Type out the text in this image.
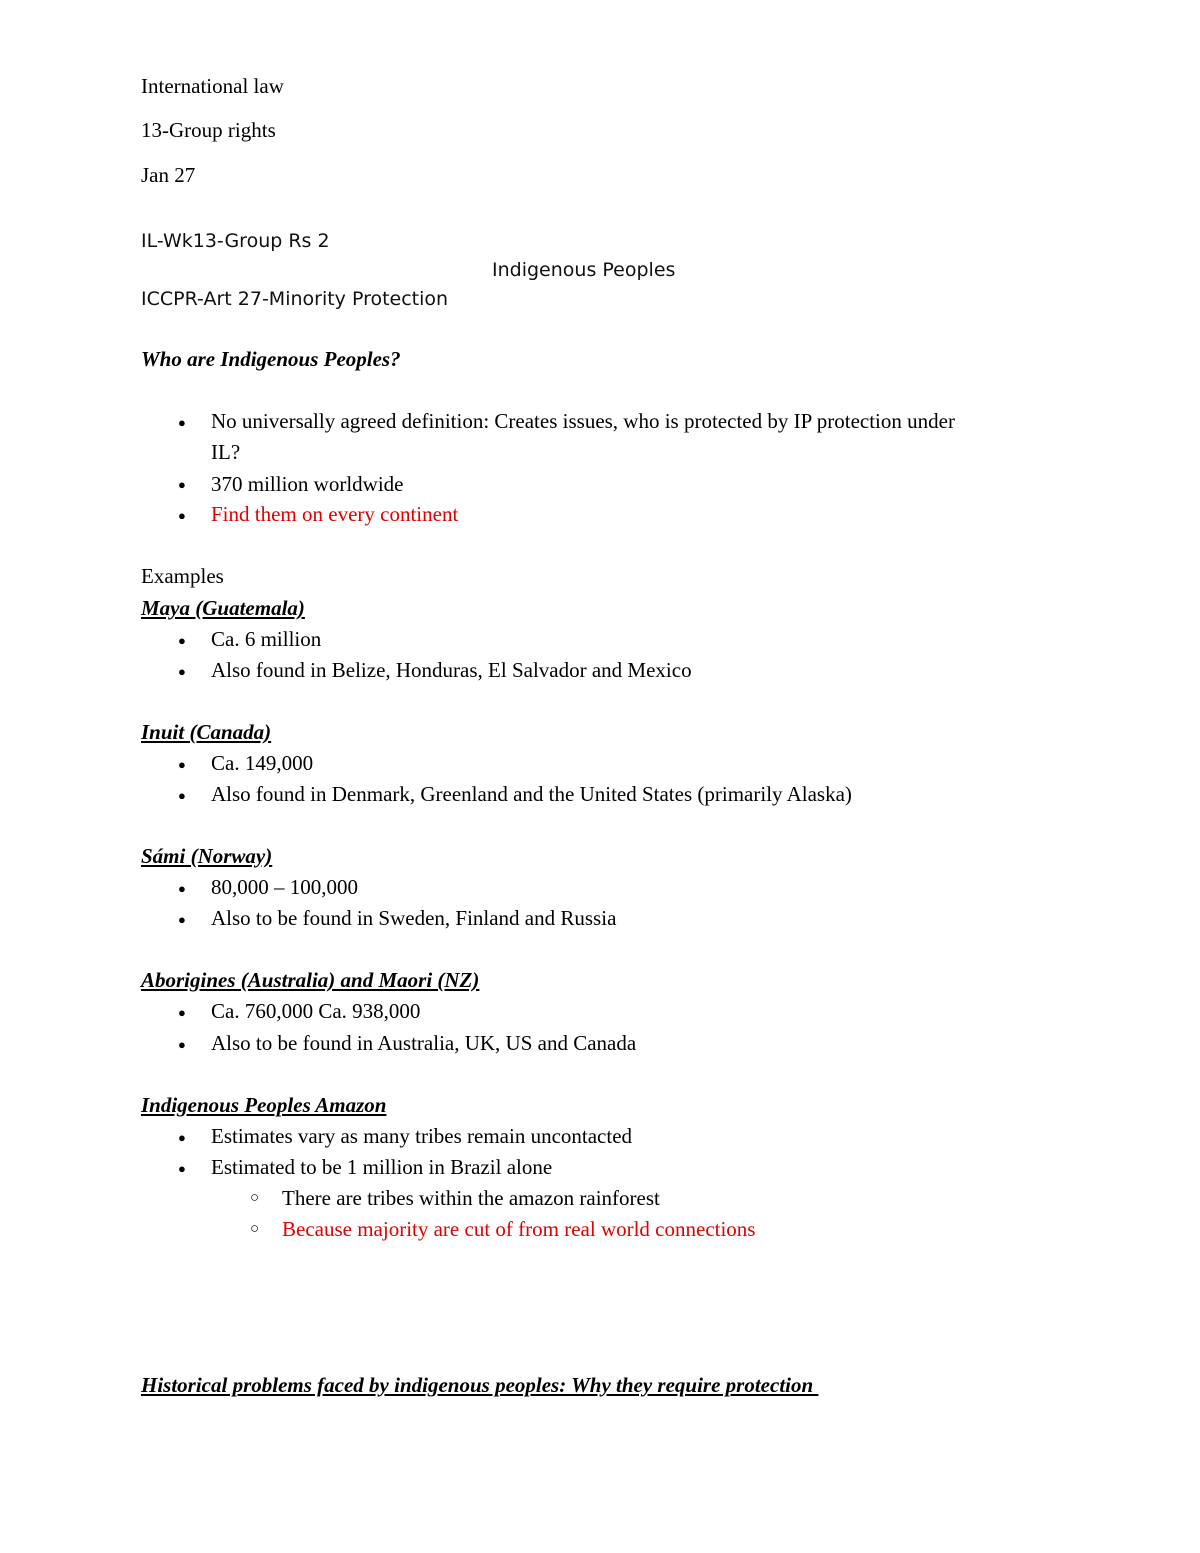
International law
13-Group rights
Jan 27
IL-Wk13-Group Rs 2
Indigenous Peoples
ICCPR-Art 27-Minority Protection
Who are Indigenous Peoples?
● No universally agreed definition: Creates issues, who is protected by IP protection under
IL?
● 370 million worldwide
● Find them on every continent
Examples
Maya (Guatemala)
● Ca. 6 million
● Also found in Belize, Honduras, El Salvador and Mexico
Inuit (Canada)
● Ca. 149,000
● Also found in Denmark, Greenland and the United States (primarily Alaska)
Sámi (Norway)
● 80,000 – 100,000
● Also to be found in Sweden, Finland and Russia
Aborigines (Australia) and Maori (NZ)
● Ca. 760,000 Ca. 938,000
● Also to be found in Australia, UK, US and Canada
Indigenous Peoples Amazon
● Estimates vary as many tribes remain uncontacted
● Estimated to be 1 million in Brazil alone
○ There are tribes within the amazon rainforest
○ Because majority are cut of from real world connections
Historical problems faced by indigenous peoples: Why they require protection
